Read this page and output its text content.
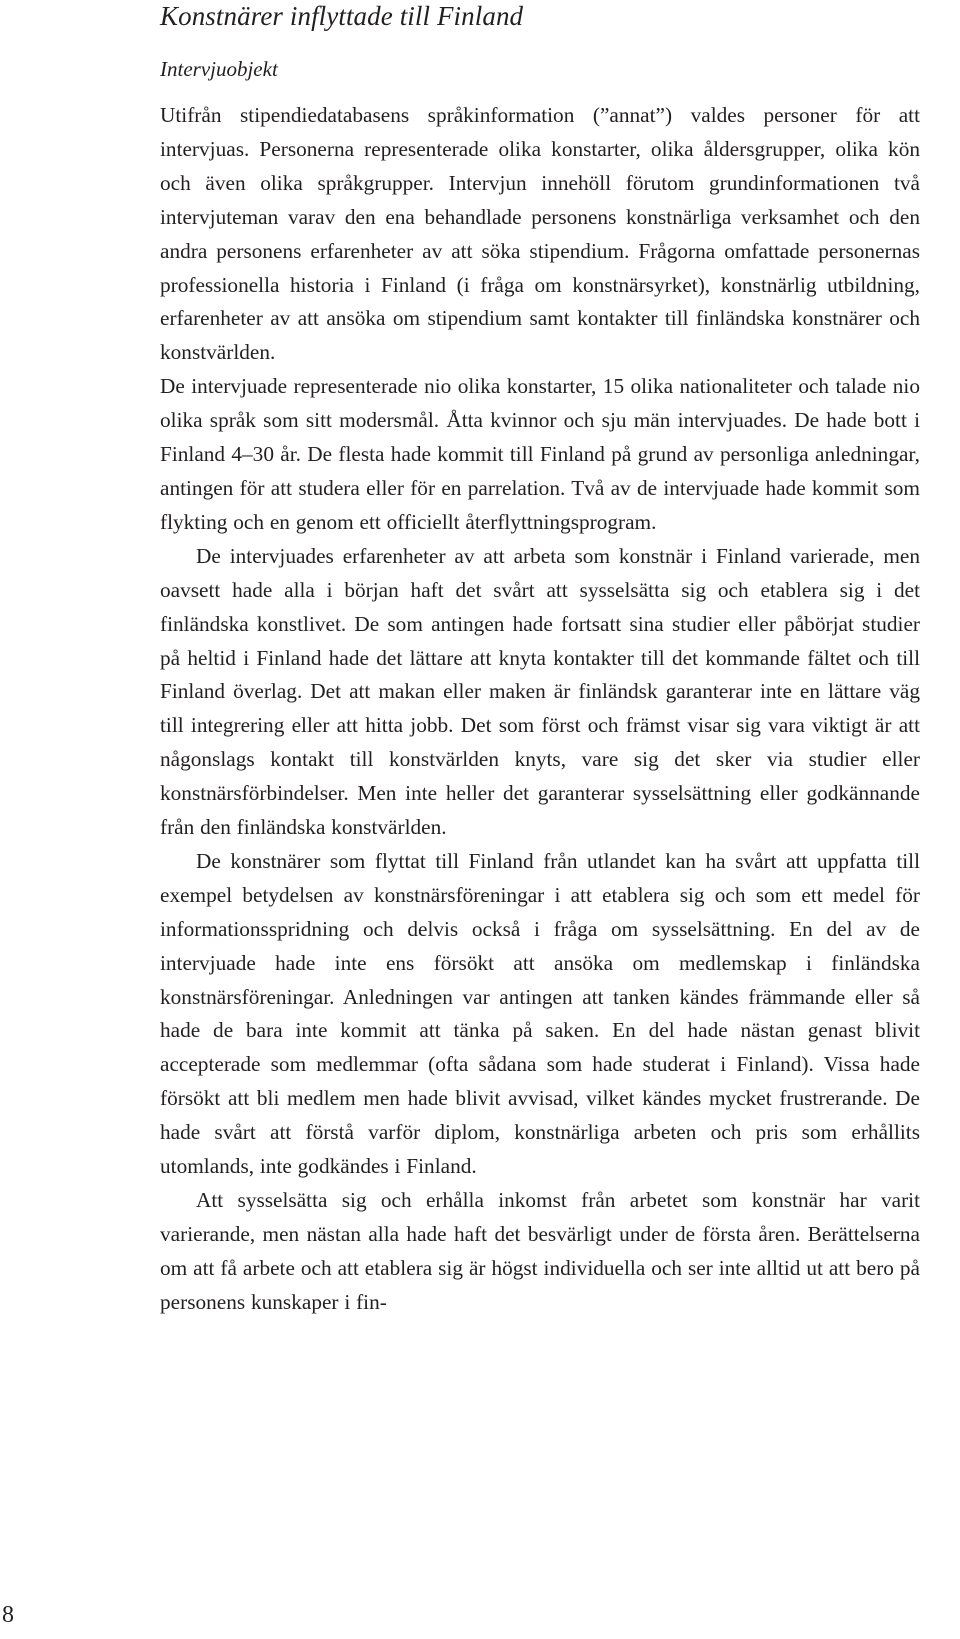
Konstnärer inflyttade till Finland
Intervjuobjekt

Utifrån stipendiedatabasens språkinformation (”annat”) valdes personer för att intervjuas. Personerna representerade olika konstarter, olika åldersgrupper, olika kön och även olika språkgrupper. Intervjun innehöll förutom grundinformationen två intervjuteman varav den ena behandlade personens konstnärliga verksamhet och den andra personens erfarenheter av att söka stipendium. Frågorna omfattade personernas professionella historia i Finland (i fråga om konstnärsyrket), konstnärlig utbildning, erfarenheter av att ansöka om stipendium samt kontakter till finländska konstnärer och konstvärlden.

De intervjuade representerade nio olika konstarter, 15 olika nationaliteter och talade nio olika språk som sitt modersmål. Åtta kvinnor och sju män intervjuades. De hade bott i Finland 4–30 år. De flesta hade kommit till Finland på grund av personliga anledningar, antingen för att studera eller för en parrelation. Två av de intervjuade hade kommit som flykting och en genom ett officiellt återflyttningsprogram.

De intervjuades erfarenheter av att arbeta som konstnär i Finland varierade, men oavsett hade alla i början haft det svårt att sysselsätta sig och etablera sig i det finländska konstlivet. De som antingen hade fortsatt sina studier eller påbörjat studier på heltid i Finland hade det lättare att knyta kontakter till det kommande fältet och till Finland överlag. Det att makan eller maken är finländsk garanterar inte en lättare väg till integrering eller att hitta jobb. Det som först och främst visar sig vara viktigt är att någonslags kontakt till konstvärlden knyts, vare sig det sker via studier eller konstnärsförbindelser. Men inte heller det garanterar sysselsättning eller godkännande från den finländska konstvärlden.

De konstnärer som flyttat till Finland från utlandet kan ha svårt att uppfatta till exempel betydelsen av konstnärsföreningar i att etablera sig och som ett medel för informationsspridning och delvis också i fråga om sysselsättning. En del av de intervjuade hade inte ens försökt att ansöka om medlemskap i finländska konstnärsföreningar. Anledningen var antingen att tanken kändes främmande eller så hade de bara inte kommit att tänka på saken. En del hade nästan genast blivit accepterade som medlemmar (ofta sådana som hade studerat i Finland). Vissa hade försökt att bli medlem men hade blivit avvisad, vilket kändes mycket frustrerande. De hade svårt att förstå varför diplom, konstnärliga arbeten och pris som erhållits utomlands, inte godkändes i Finland.

Att sysselsätta sig och erhålla inkomst från arbetet som konstnär har varit varierande, men nästan alla hade haft det besvärligt under de första åren. Berättelserna om att få arbete och att etablera sig är högst individuella och ser inte alltid ut att bero på personens kunskaper i fin-

8
